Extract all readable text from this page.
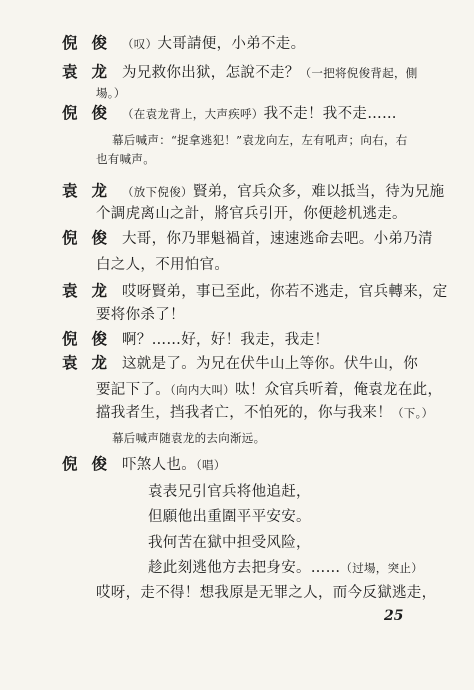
倪俊 （叹）大哥請便，小弟不走。
袁龙 为兄救你出狱，怎說不走？（一把将倪俊背起，側
場。）
倪俊 （在袁龙背上，大声疾呼）我不走！我不走……
幕后喊声：“捉拿逃犯！”袁龙向左，左有吼声；向右，右
也有喊声。
袁龙 （放下倪俊）賢弟，官兵众多，难以抵当，待为兄施
个調虎离山之計，將官兵引开，你便趁机逃走。
倪俊 大哥，你乃罪魁禍首，速速逃命去吧。小弟乃清
白之人，不用怕官。
袁龙 哎呀賢弟，事已至此，你若不逃走，官兵轉来，定
要将你杀了！
倪俊 啊？……好，好！我走，我走！
袁龙 这就是了。为兄在伏牛山上等你。伏牛山，你
要記下了。（向内大叫）呔！众官兵听着，俺袁龙在此，
擋我者生，挡我者亡，不怕死的，你与我来！（下。）
幕后喊声随袁龙的去向渐远。
倪俊 吓煞人也。（唱）
袁表兄引官兵将他追赶，
但願他出重圍平平安安。
我何苦在獄中担受风险，
趁此刻逃他方去把身安。……（过場，突止）
哎呀，走不得！想我原是无罪之人，而今反獄逃走，
25
